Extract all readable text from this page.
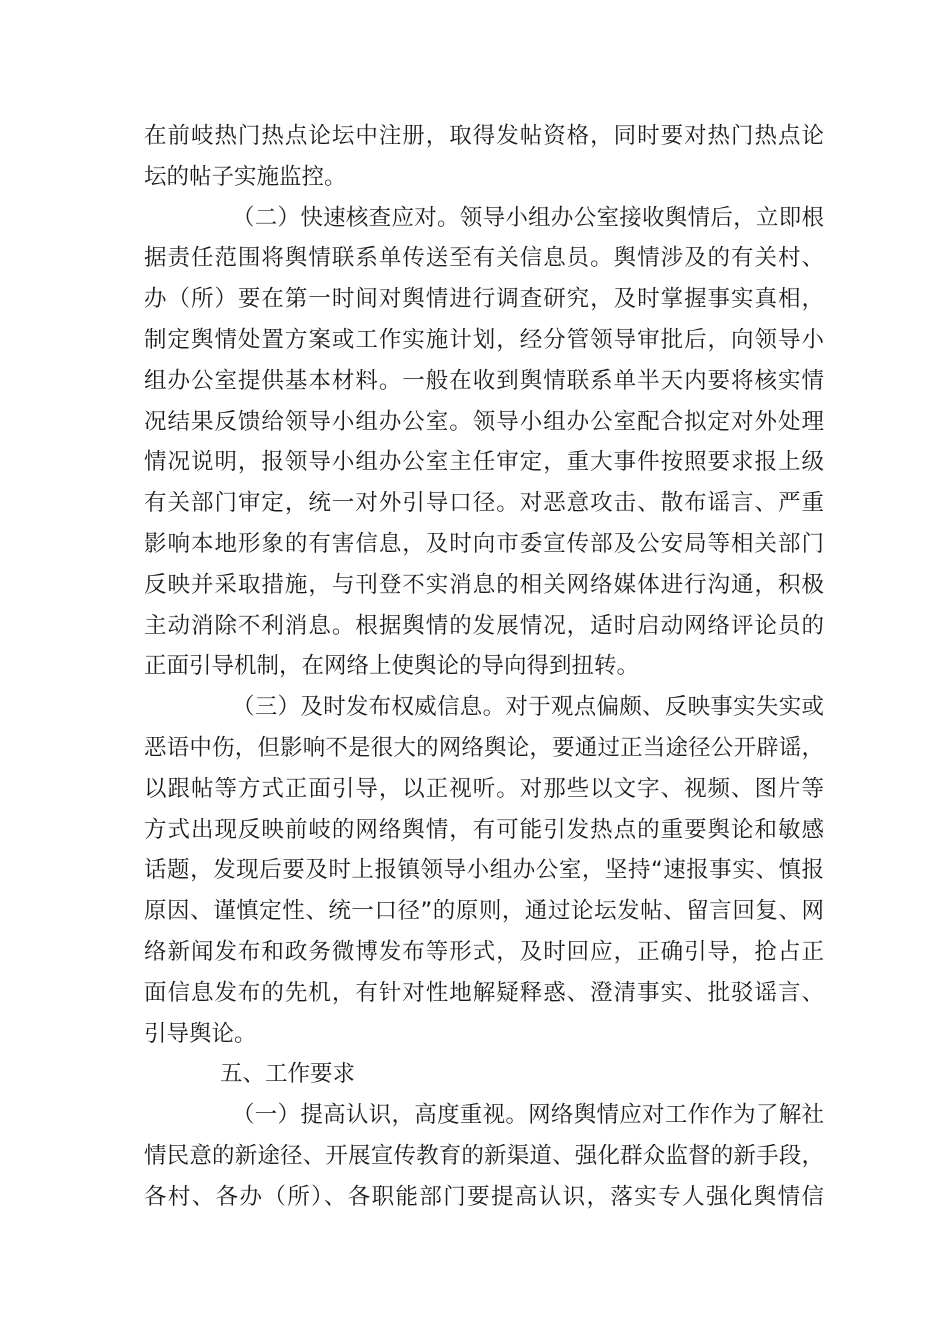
在前岐热门热点论坛中注册，取得发帖资格，同时要对热门热点论
坛的帖子实施监控。
（二）快速核查应对。领导小组办公室接收舆情后，立即根
据责任范围将舆情联系单传送至有关信息员。舆情涉及的有关村、
办（所）要在第一时间对舆情进行调查研究，及时掌握事实真相，
制定舆情处置方案或工作实施计划，经分管领导审批后，向领导小
组办公室提供基本材料。一般在收到舆情联系单半天内要将核实情
况结果反馈给领导小组办公室。领导小组办公室配合拟定对外处理
情况说明，报领导小组办公室主任审定，重大事件按照要求报上级
有关部门审定，统一对外引导口径。对恶意攻击、散布谣言、严重
影响本地形象的有害信息，及时向市委宣传部及公安局等相关部门
反映并采取措施，与刊登不实消息的相关网络媒体进行沟通，积极
主动消除不利消息。根据舆情的发展情况，适时启动网络评论员的
正面引导机制，在网络上使舆论的导向得到扭转。
（三）及时发布权威信息。对于观点偏颇、反映事实失实或
恶语中伤，但影响不是很大的网络舆论，要通过正当途径公开辟谣，
以跟帖等方式正面引导，以正视听。对那些以文字、视频、图片等
方式出现反映前岐的网络舆情，有可能引发热点的重要舆论和敏感
话题，发现后要及时上报镇领导小组办公室，坚持“速报事实、慎报
原因、谨慎定性、统一口径”的原则，通过论坛发帖、留言回复、网
络新闻发布和政务微博发布等形式，及时回应，正确引导，抢占正
面信息发布的先机，有针对性地解疑释惑、澄清事实、批驳谣言、
引导舆论。
五、工作要求
（一）提高认识，高度重视。网络舆情应对工作作为了解社
情民意的新途径、开展宣传教育的新渠道、强化群众监督的新手段，
各村、各办（所）、各职能部门要提高认识，落实专人强化舆情信
